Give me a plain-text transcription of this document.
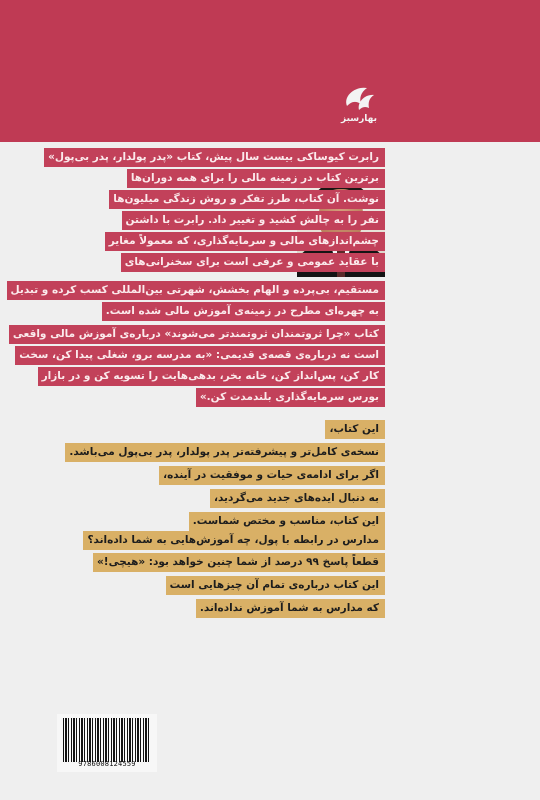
بهارسبز
رابرت کیوساکی بیست سال پیش، کتاب «پدر پولدار، پدر بی‌پول»
برترین کتاب در زمینه مالی را برای همه دوران‌ها
نوشت. آن کتاب، طرز تفکر و روش زندگی میلیون‌ها
نفر را به چالش کشید و تغییر داد. رابرت با داشتن
چشم‌اندازهای مالی و سرمایه‌گذاری، که معمولاً مغایر
با عقاید عمومی و عرفی است برای سخنرانی‌های
مستقیم، بی‌پرده و الهام بخشش، شهرتی بین‌المللی کسب کرده و تبدیل
به چهره‌ای مطرح در زمینه‌ی آموزش مالی شده است.
کتاب «چرا ثروتمندان ثروتمندتر می‌شوند» درباره‌ی آموزش مالی واقعی
است نه درباره‌ی قصه‌ی قدیمی: «به مدرسه برو، شغلی پیدا کن، سخت
کار کن، پس‌انداز کن، خانه بخر، بدهی‌هایت را تسویه کن و در بازار
بورس سرمایه‌گذاری بلندمدت کن.»
این کتاب،
نسخه‌ی کامل‌تر و پیشرفته‌تر پدر پولدار، پدر بی‌پول می‌باشد.
اگر برای ادامه‌ی حیات و موفقیت در آینده،
به دنبال ایده‌های جدید می‌گردید،
این کتاب، مناسب و مختص شماست.
مدارس در رابطه با پول، چه آموزش‌هایی به شما داده‌اند؟
قطعاً پاسخ ۹۹ درصد از شما چنین خواهد بود: «هیچی!»
این کتاب درباره‌ی تمام آن چیزهایی است
که مدارس به شما آموزش نداده‌اند.
9786008124559
